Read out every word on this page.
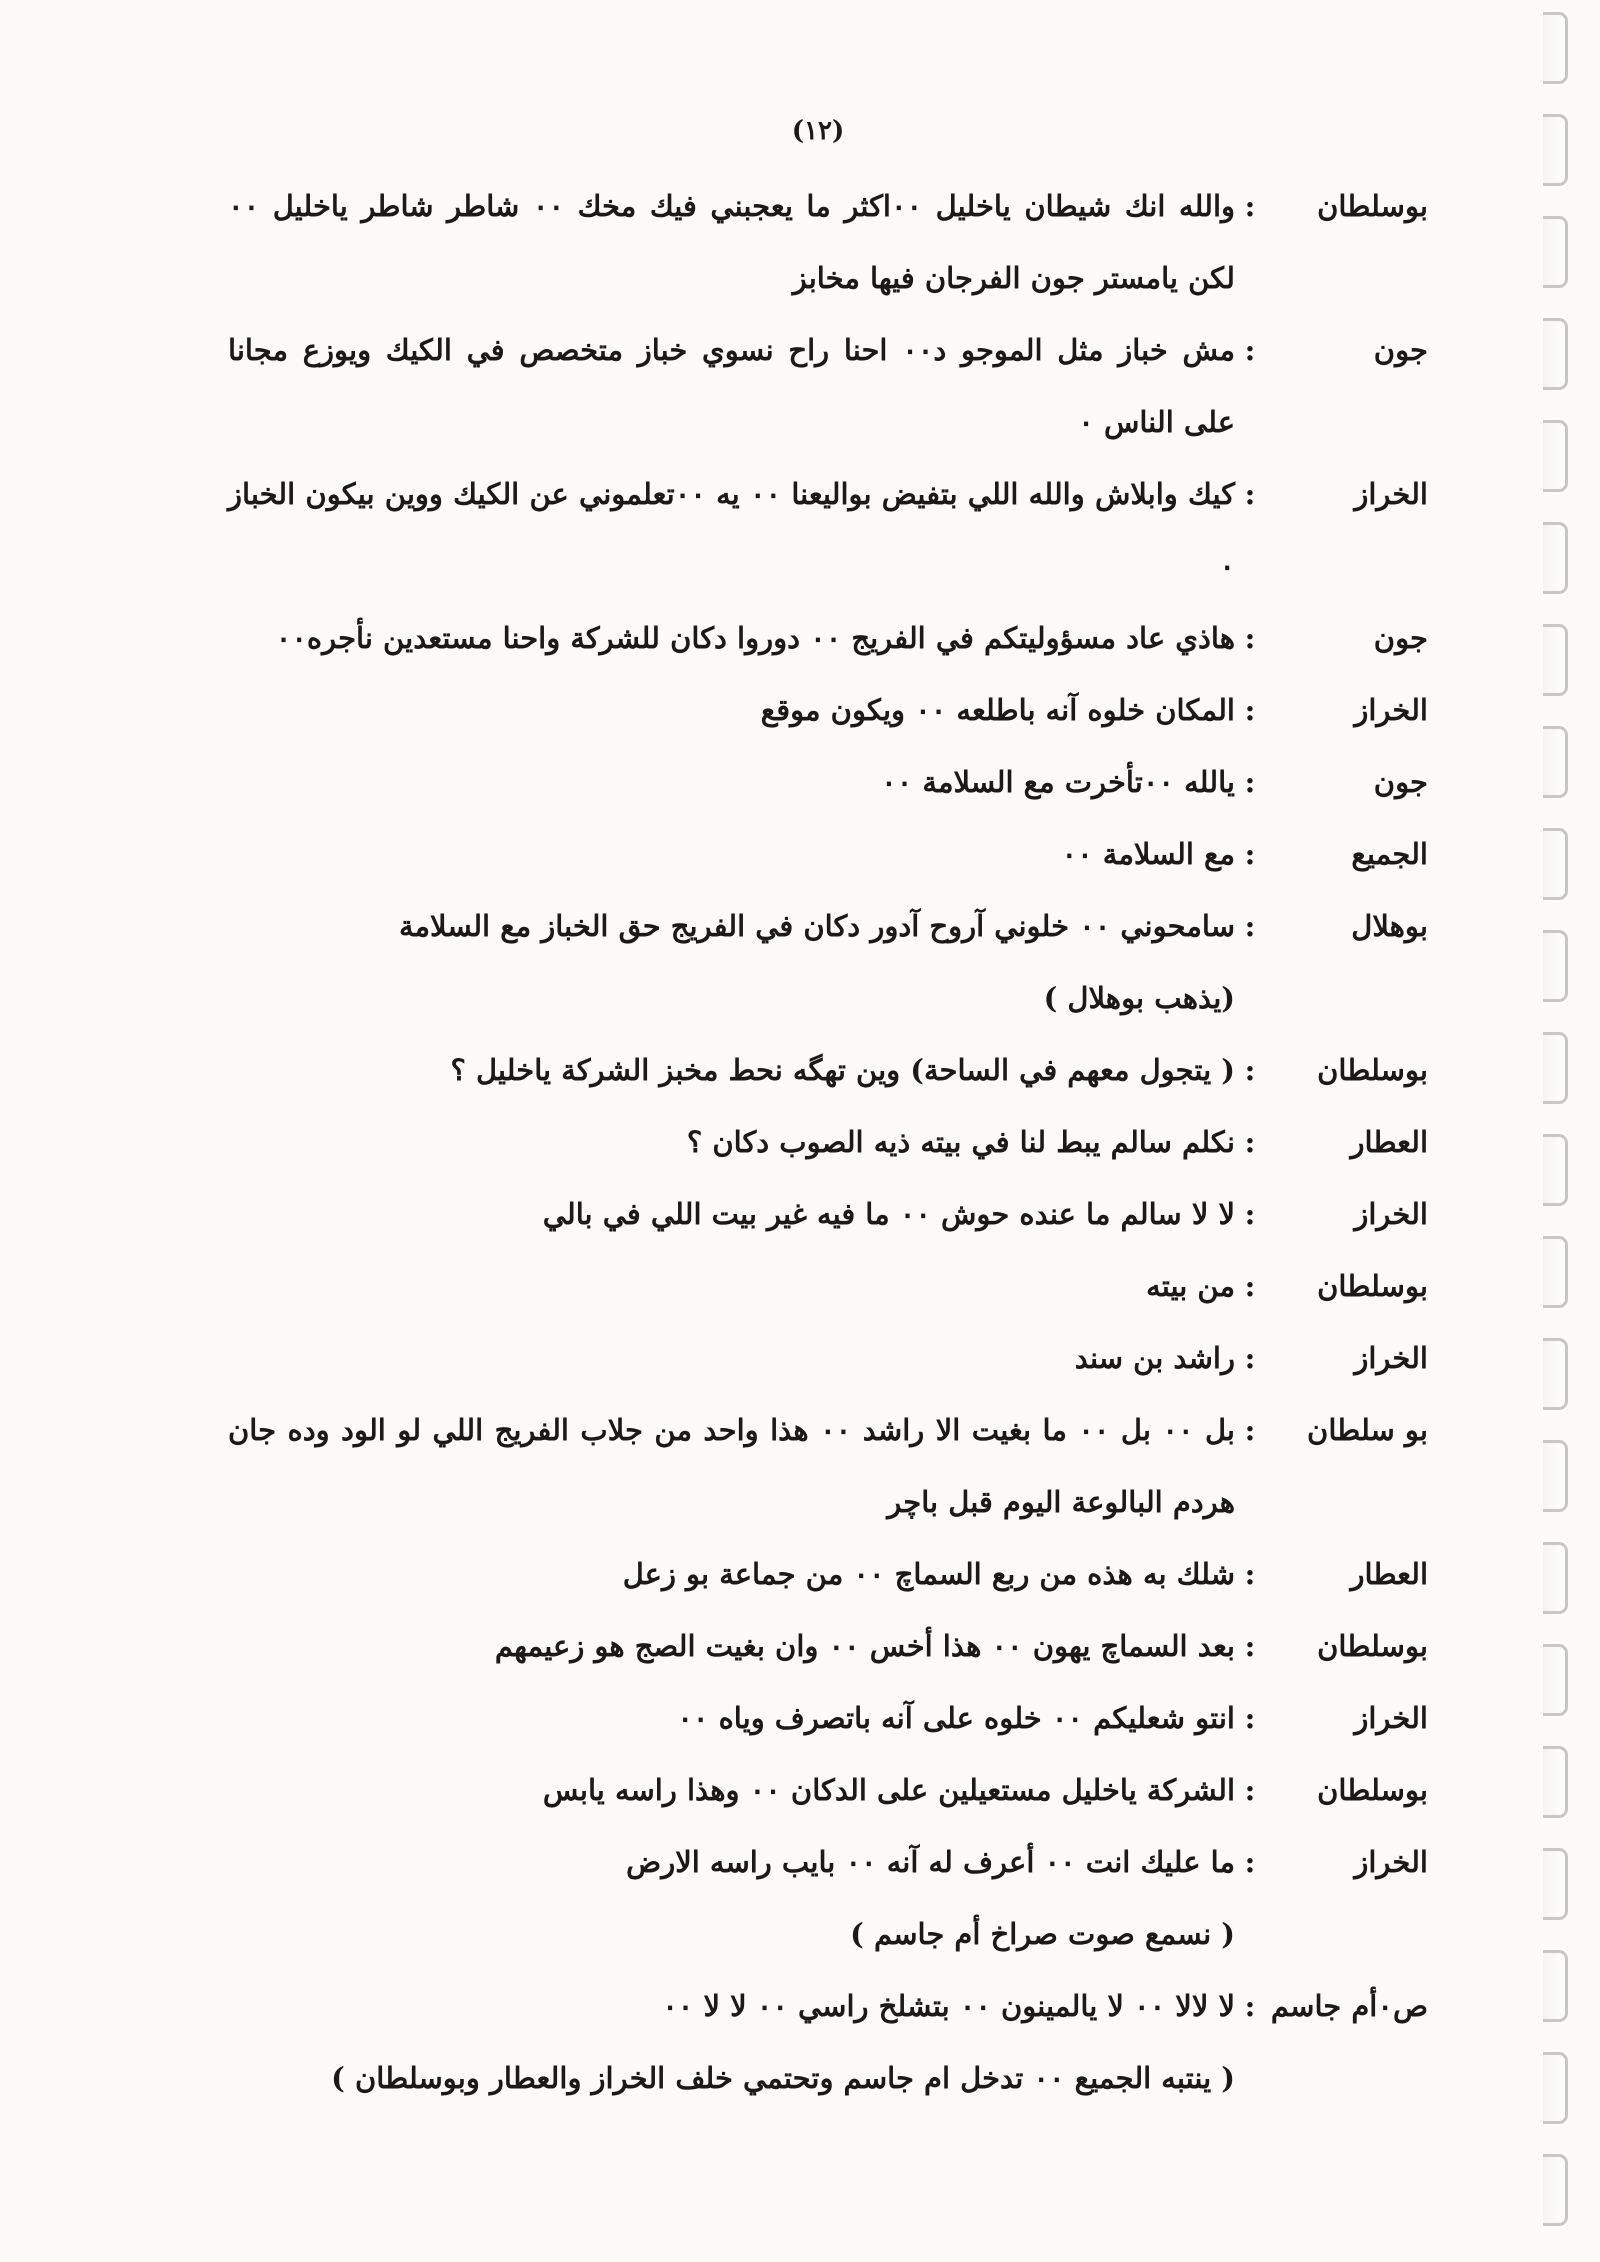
(١٢)
بوسلطان
:
والله انك شيطان ياخليل ٠٠اكثر ما يعجبني فيك مخك ٠٠ شاطر شاطر ياخليل ٠٠ لكن يامستر جون الفرجان فيها مخابز
جون
:
مش خباز مثل الموجو د٠٠ احنا راح نسوي خباز متخصص في الكيك ويوزع مجانا على الناس ٠
الخراز
:
كيك وابلاش والله اللي بتفيض بواليعنا ٠٠ يه ٠٠تعلموني عن الكيك ووين بيكون الخباز ٠
جون
:
هاذي عاد مسؤوليتكم في الفريج ٠٠ دوروا دكان للشركة واحنا مستعدين نأجره٠٠
الخراز
:
المكان خلوه آنه باطلعه ٠٠ ويكون موقع
جون
:
يالله ٠٠تأخرت مع السلامة ٠٠
الجميع
:
مع السلامة ٠٠
بوهلال
:
سامحوني ٠٠ خلوني آروح آدور دكان في الفريج حق الخباز مع السلامة
(يذهب بوهلال )
بوسلطان
:
( يتجول معهم في الساحة) وين تهگه نحط مخبز الشركة ياخليل ؟
العطار
:
نكلم سالم يبط لنا في بيته ذيه الصوب دكان ؟
الخراز
:
لا لا سالم ما عنده حوش ٠٠ ما فيه غير بيت اللي في بالي
بوسلطان
:
من بيته
الخراز
:
راشد بن سند
بو سلطان
:
بل ٠٠ بل ٠٠ ما بغيت الا راشد ٠٠ هذا واحد من جلاب الفريج اللي لو الود وده جان هردم البالوعة اليوم قبل باچر
العطار
:
شلك به هذه من ربع السماچ ٠٠ من جماعة بو زعل
بوسلطان
:
بعد السماچ يهون ٠٠ هذا أخس ٠٠ وان بغيت الصج هو زعيمهم
الخراز
:
انتو شعليكم ٠٠ خلوه على آنه باتصرف وياه ٠٠
بوسلطان
:
الشركة ياخليل مستعيلين على الدكان ٠٠ وهذا راسه يابس
الخراز
:
ما عليك انت ٠٠ أعرف له آنه ٠٠ بايب راسه الارض
( نسمع صوت صراخ أم جاسم )
ص٠أم جاسم
:
لا لالا ٠٠ لا يالمينون ٠٠ بتشلخ راسي ٠٠ لا لا ٠٠
( ينتبه الجميع ٠٠ تدخل ام جاسم وتحتمي خلف الخراز والعطار وبوسلطان )
